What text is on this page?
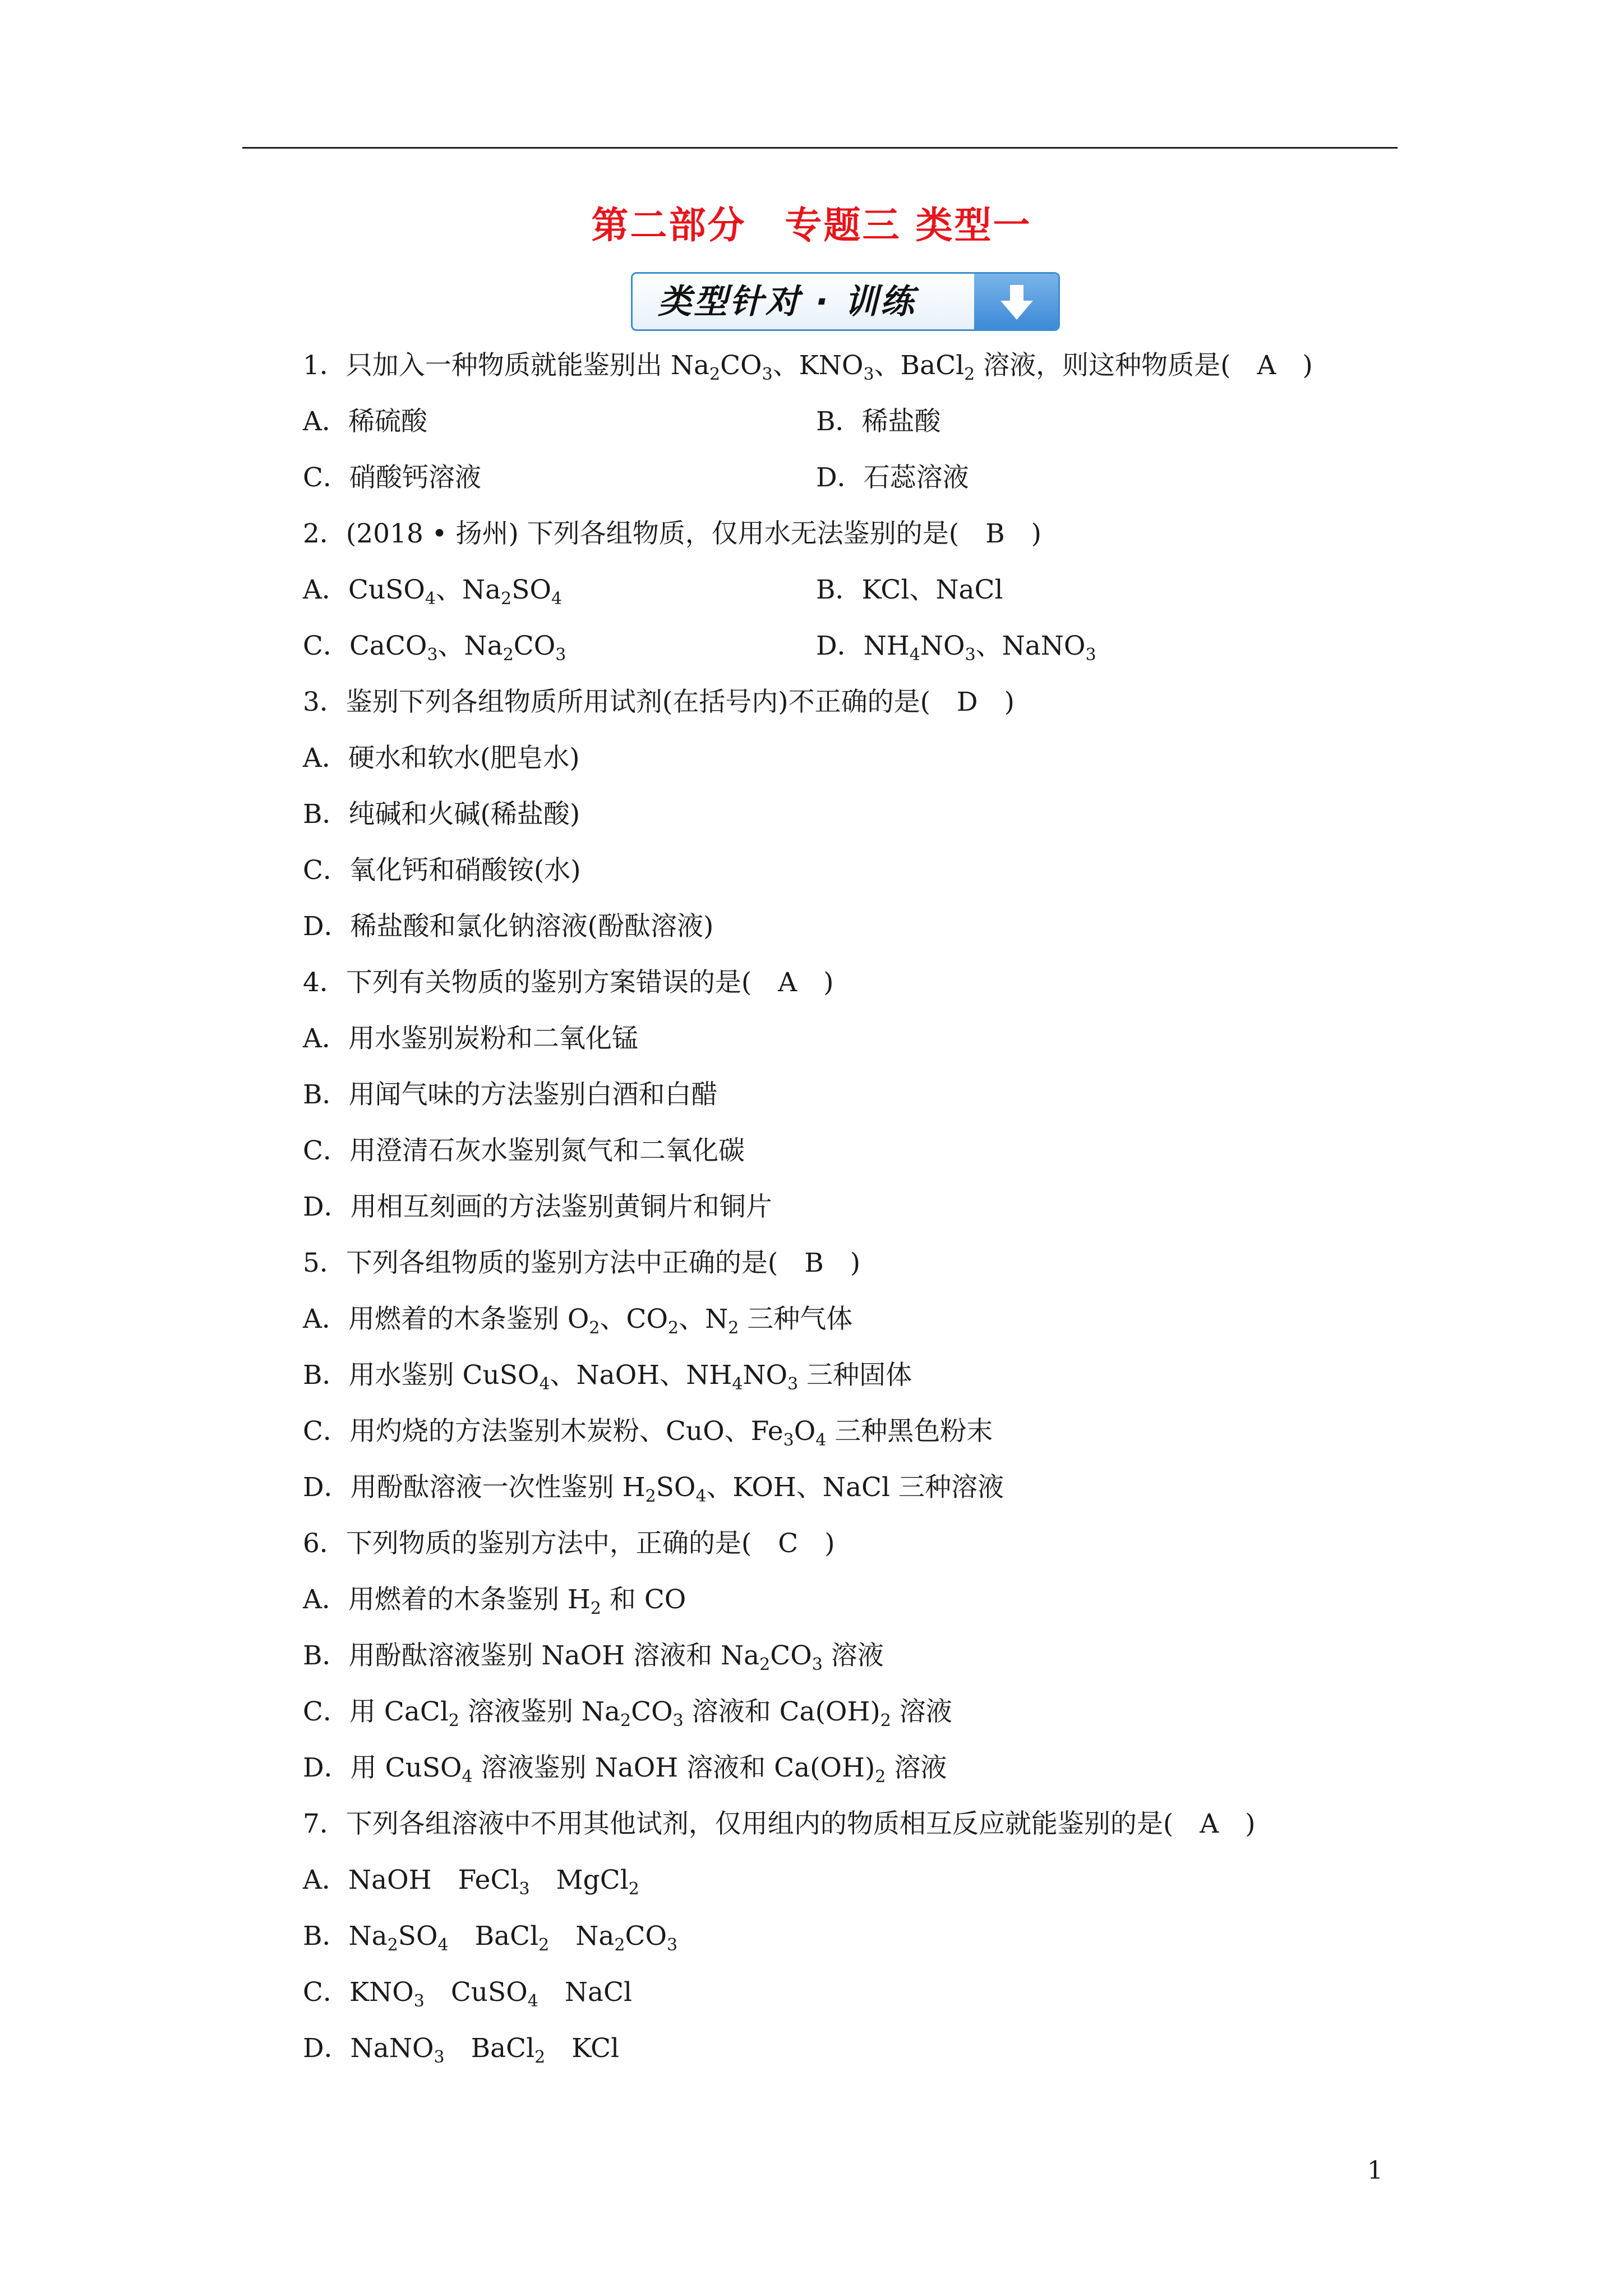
第二部分　专题三 类型一
类型针对 · 训练
1．只加入一种物质就能鉴别出 $Na_2CO_3$、$KNO_3$、BaCl$_2$ 溶液，则这种物质是(　A　)
A．稀硫酸	B．稀盐酸
C．硝酸钙溶液	D．石蕊溶液
2．(2018 • 扬州) 下列各组物质，仅用水无法鉴别的是(　B　)
A．CuSO$_4$、$Na_2SO_4$	B．KCl、NaCl
C．CaCO$_3$、$Na_2CO_3$	D．$NH_4NO_3$、NaNO$_3$
3．鉴别下列各组物质所用试剂(在括号内)不正确的是(　D　)
A．硬水和软水(肥皂水)
B．纯碱和火碱(稀盐酸)
C．氧化钙和硝酸铵(水)
D．稀盐酸和氯化钠溶液(酚酞溶液)
4．下列有关物质的鉴别方案错误的是(　A　)
A．用水鉴别炭粉和二氧化锰
B．用闻气味的方法鉴别白酒和白醋
C．用澄清石灰水鉴别氮气和二氧化碳
D．用相互刻画的方法鉴别黄铜片和铜片
5．下列各组物质的鉴别方法中正确的是(　B　)
A．用燃着的木条鉴别 $O_2$、$CO_2$、$N_2$ 三种气体
B．用水鉴别 CuSO$_4$、NaOH、$NH_4NO_3$ 三种固体
C．用灼烧的方法鉴别木炭粉、CuO、$Fe_3O_4$ 三种黑色粉末
D．用酚酞溶液一次性鉴别 $H_2SO_4$、KOH、NaCl 三种溶液
6．下列物质的鉴别方法中，正确的是(　C　)
A．用燃着的木条鉴别 $H_2$ 和 CO
B．用酚酞溶液鉴别 NaOH 溶液和 $Na_2CO_3$ 溶液
C．用 CaCl$_2$ 溶液鉴别 $Na_2CO_3$ 溶液和 $Ca(OH)_2$ 溶液
D．用 CuSO$_4$ 溶液鉴别 NaOH 溶液和 $Ca(OH)_2$ 溶液
7．下列各组溶液中不用其他试剂，仅用组内的物质相互反应就能鉴别的是(　A　)
A．NaOH　FeCl$_3$　MgCl$_2$
B．$Na_2SO_4$　BaCl$_2$　$Na_2CO_3$
C．$KNO_3$　CuSO$_4$　NaCl
D．NaNO$_3$　BaCl$_2$　KCl
1
